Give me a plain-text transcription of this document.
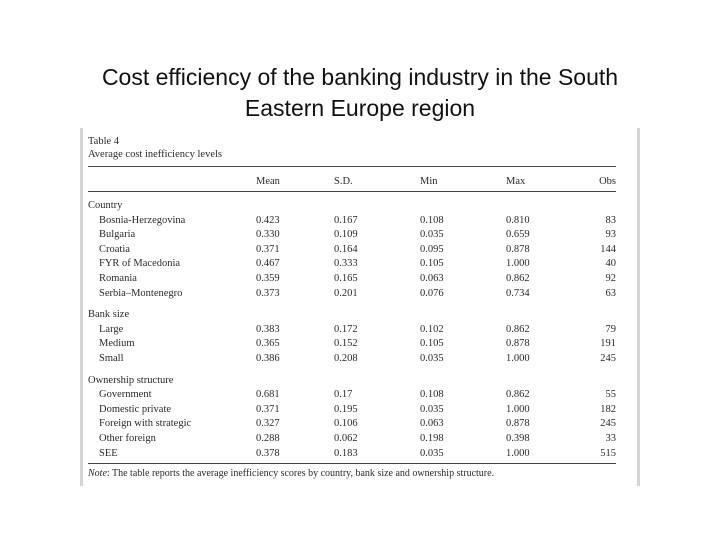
Cost efficiency of the banking industry in the South
Eastern Europe region
Table 4
Average cost inefficiency levels
	Mean	S.D.	Min	Max	Obs

Country					
Bosnia-Herzegovina	0.423	0.167	0.108	0.810	83
Bulgaria	0.330	0.109	0.035	0.659	93
Croatia	0.371	0.164	0.095	0.878	144
FYR of Macedonia	0.467	0.333	0.105	1.000	40
Romania	0.359	0.165	0.063	0.862	92
Serbia–Montenegro	0.373	0.201	0.076	0.734	63

Bank size					
Large	0.383	0.172	0.102	0.862	79
Medium	0.365	0.152	0.105	0.878	191
Small	0.386	0.208	0.035	1.000	245

Ownership structure					
Government	0.681	0.17	0.108	0.862	55
Domestic private	0.371	0.195	0.035	1.000	182
Foreign with strategic	0.327	0.106	0.063	0.878	245
Other foreign	0.288	0.062	0.198	0.398	33
SEE	0.378	0.183	0.035	1.000	515
Note: The table reports the average inefficiency scores by country, bank size and ownership structure.
